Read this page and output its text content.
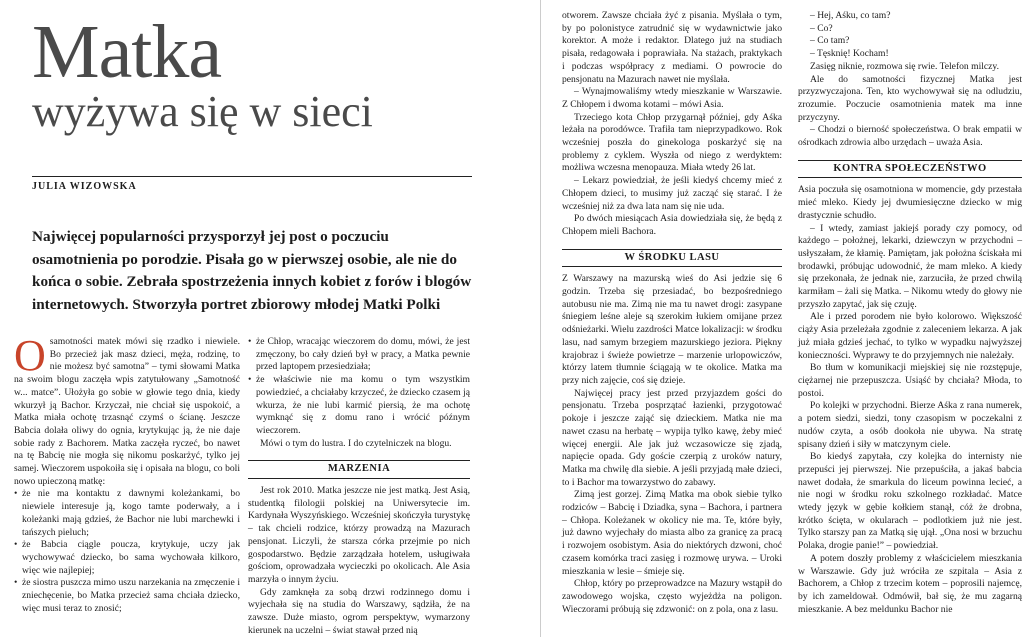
Matka
wyżywa się w sieci
JULIA WIZOWSKA
Najwięcej popularności przysporzył jej post o poczuciu osamotnienia po porodzie. Pisała go w pierwszej osobie, ale nie do końca o sobie. Zebrała spostrzeżenia innych kobiet z forów i blogów internetowych. Stworzyła portret zbiorowy młodej Matki Polki

Osamotności matek mówi się rzadko i niewiele. Bo przecież jak masz dzieci, męża, rodzinę, to nie możesz być samotna” – tymi słowami Matka na swoim blogu zaczęła wpis zatytułowany „Samotność w... matce”. Ułożyła go sobie w głowie tego dnia, kiedy wkurzył ją Bachor. Krzyczał, nie chciał się uspokoić, a Matka miała ochotę trzasnąć czymś o ścianę. Jeszcze Babcia dolała oliwy do ognia, krytykując ją, że nie daje sobie rady z Bachorem. Matka zaczęła ryczeć, bo nawet na tę Babcię nie mogła się nikomu poskarżyć, tylko jej samej. Wieczorem uspokoiła się i opisała na blogu, co boli nowo upieczoną matkę:

• że nie ma kontaktu z dawnymi koleżankami, bo niewiele interesuje ją, kogo tamte poderwały, a i koleżanki mają gdzieś, że Bachor nie lubi marchewki i tańszych pieluch;
• że Babcia ciągle poucza, krytykuje, uczy jak wychowywać dziecko, bo sama wychowała kilkoro, więc wie najlepiej;
• że siostra puszcza mimo uszu narzekania na zmęczenie i zniechęcenie, bo Matka przecież sama chciała dziecko, więc musi teraz to znosić;
• że Chłop, wracając wieczorem do domu, mówi, że jest zmęczony, bo cały dzień był w pracy, a Matka pewnie przed laptopem przesiedziała;
• że właściwie nie ma komu o tym wszystkim powiedzieć, a chciałaby krzyczeć, że dziecko czasem ją wkurza, że nie lubi karmić piersią, że ma ochotę wymknąć się z domu rano i wrócić późnym wieczorem.

Mówi o tym do lustra. I do czytelniczek na blogu.

MARZENIA

Jest rok 2010. Matka jeszcze nie jest matką. Jest Asią, studentką filologii polskiej na Uniwersytecie im. Kardynała Wyszyńskiego. Wcześniej skończyła turystykę – tak chcieli rodzice, którzy prowadzą na Mazurach pensjonat. Liczyli, że starsza córka przejmie po nich gospodarstwo. Będzie zarządzała hotelem, usługiwała gościom, oprowadzała wycieczki po okolicach. Ale Asia marzyła o innym życiu.

Gdy zamknęła za sobą drzwi rodzinnego domu i wyjechała się na studia do Warszawy, sądziła, że na zawsze. Duże miasto, ogrom perspektyw, wymarzony kierunek na uczelni – świat stawał przed nią

otworem. Zawsze chciała żyć z pisania. Myślała o tym, by po polonistyce zatrudnić się w wydawnictwie jako korektor. A może i redaktor. Dlatego już na studiach pisała, redagowała i poprawiała. Na stażach, praktykach i podczas współpracy z mediami. O powrocie do pensjonatu na Mazurach nawet nie myślała.

– Wynajmowaliśmy wtedy mieszkanie w Warszawie. Z Chłopem i dwoma kotami – mówi Asia.

Trzeciego kota Chłop przygarnął później, gdy Aśka leżała na porodówce. Trafiła tam nieprzypadkowo. Rok wcześniej poszła do ginekologa poskarżyć się na problemy z cyklem. Wyszła od niego z werdyktem: możliwa wczesna menopauza. Miała wtedy 26 lat.

– Lekarz powiedział, że jeśli kiedyś chcemy mieć z Chłopem dzieci, to musimy już zacząć się starać. I że wcześniej niż za dwa lata nam się nie uda.

Po dwóch miesiącach Asia dowiedziała się, że będą z Chłopem mieli Bachora.

W ŚRODKU LASU

Z Warszawy na mazurską wieś do Asi jedzie się 6 godzin. Trzeba się przesiadać, bo bezpośredniego autobusu nie ma. Zimą nie ma tu nawet drogi: zasypane śniegiem leśne aleje są szerokim łukiem omijane przez odśnieżarki. Wielu zazdrości Matce lokalizacji: w środku lasu, nad samym brzegiem mazurskiego jeziora. Piękny krajobraz i świeże powietrze – marzenie urlopowiczów, którzy latem tłumnie ściągają w te okolice. Matka ma przy nich zajęcie, coś się dzieje.

Najwięcej pracy jest przed przyjazdem gości do pensjonatu. Trzeba posprzątać łazienki, przygotować pokoje i jeszcze zająć się dzieckiem. Matka nie ma nawet czasu na herbatę – wypija tylko kawę, żeby mieć więcej energii. Ale jak już wczasowicze się zjadą, napięcie opada. Gdy goście czerpią z uroków natury, Matka ma chwilę dla siebie. A jeśli przyjadą małe dzieci, to i Bachor ma towarzystwo do zabawy.

Zimą jest gorzej. Zimą Matka ma obok siebie tylko rodziców – Babcię i Dziadka, syna – Bachora, i partnera – Chłopa. Koleżanek w okolicy nie ma. Te, które były, już dawno wyjechały do miasta albo za granicę za pracą i rozwojem osobistym. Asia do niektórych dzwoni, choć czasem komórka traci zasięg i rozmowę urywa. – Uroki mieszkania w lesie – śmieje się.

Chłop, który po przeprowadzce na Mazury wstąpił do zawodowego wojska, często wyjeżdża na poligon. Wieczorami próbują się zdzwonić: on z pola, ona z lasu.

– Hej, Aśku, co tam?

– Co?

– Co tam?

– Tęsknię! Kocham!

Zasięg niknie, rozmowa się rwie. Telefon milczy.

Ale do samotności fizycznej Matka jest przyzwyczajona. Ten, kto wychowywał się na odludziu, zrozumie. Poczucie osamotnienia matek ma inne przyczyny.

– Chodzi o bierność społeczeństwa. O brak empatii w ośrodkach zdrowia albo urzędach – uważa Asia.

KONTRA SPOŁECZEŃSTWO

Asia poczuła się osamotniona w momencie, gdy przestała mieć mleko. Kiedy jej dwumiesięczne dziecko w mig drastycznie schudło.

– I wtedy, zamiast jakiejś porady czy pomocy, od każdego – położnej, lekarki, dziewczyn w przychodni – usłyszałam, że kłamię. Pamiętam, jak położna ściskała mi brodawki, próbując udowodnić, że mam mleko. A kiedy się przekonała, że jednak nie, zarzuciła, że przed chwilą karmiłam – żali się Matka. – Nikomu wtedy do głowy nie przyszło zapytać, jak się czuję.

Ale i przed porodem nie było kolorowo. Większość ciąży Asia przeleżała zgodnie z zaleceniem lekarza. A jak już miała gdzieś jechać, to tylko w wypadku najwyższej konieczności. Wyprawy te do przyjemnych nie należały.

Bo tłum w komunikacji miejskiej się nie rozstępuje, ciężarnej nie przepuszcza. Usiąść by chciała? Młoda, to postoi.

Po kolejki w przychodni. Bierze Aśka z rana numerek, a potem siedzi, siedzi, tony czasopism w poczekalni z nudów czyta, a osób dookoła nie ubywa. Na stratę spisany dzień i siły w matczynym ciele.

Bo kiedyś zapytała, czy kolejka do internisty nie przepuści jej pierwszej. Nie przepuściła, a jakaś babcia nawet dodała, że smarkula do liceum powinna lecieć, a nie nogi w środku roku szkolnego rozkładać. Matce wtedy język w gębie kołkiem stanął, cóż że drobna, krótko ścięta, w okularach – podlotkiem już nie jest. Tylko starszy pan za Matką się ujął. „Ona nosi w brzuchu Polaka, drogie panie!” – powiedział.

A potem doszły problemy z właścicielem mieszkania w Warszawie. Gdy już wróciła ze szpitala – Asia z Bachorem, a Chłop z trzecim kotem – poprosili najemcę, by ich zameldował. Odmówił, bał się, że mu zagarną mieszkanie. A bez meldunku Bachor nie
